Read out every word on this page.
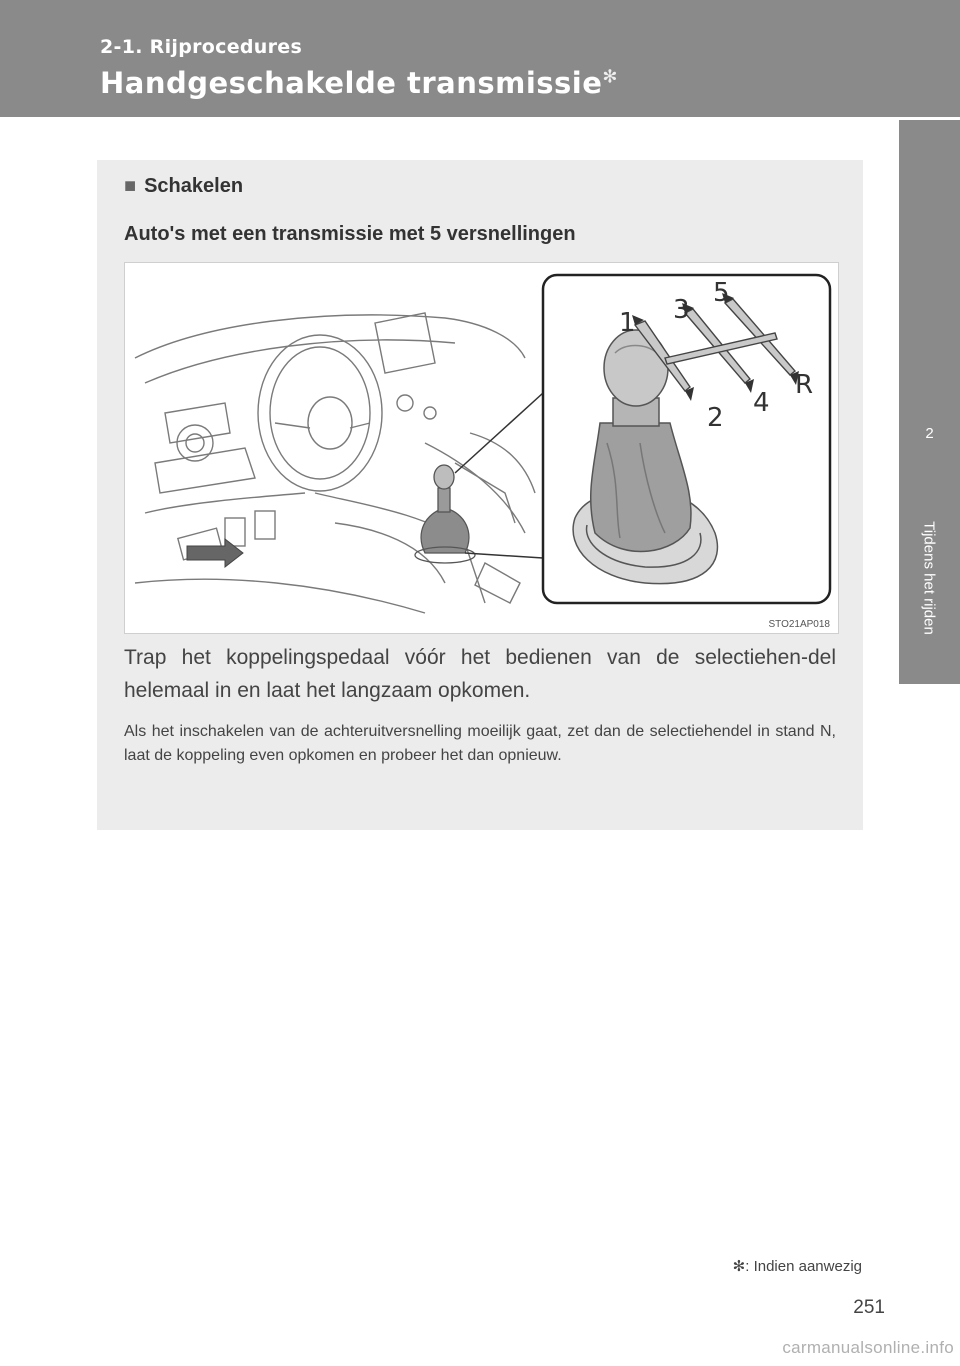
2-1. Rijprocedures
Handgeschakelde transmissie✻
2
Tijdens het rijden
■ Schakelen
Auto's met een transmissie met 5 versnellingen
1 3
5
2 4
R
STO21AP018
Trap het koppelingspedaal vóór het bedienen van de selectiehen-del helemaal in en laat het langzaam opkomen.
Als het inschakelen van de achteruitversnelling moeilijk gaat, zet dan de selectiehendel in stand N, laat de koppeling even opkomen en probeer het dan opnieuw.
✻: Indien aanwezig
251
carmanualsonline.info
